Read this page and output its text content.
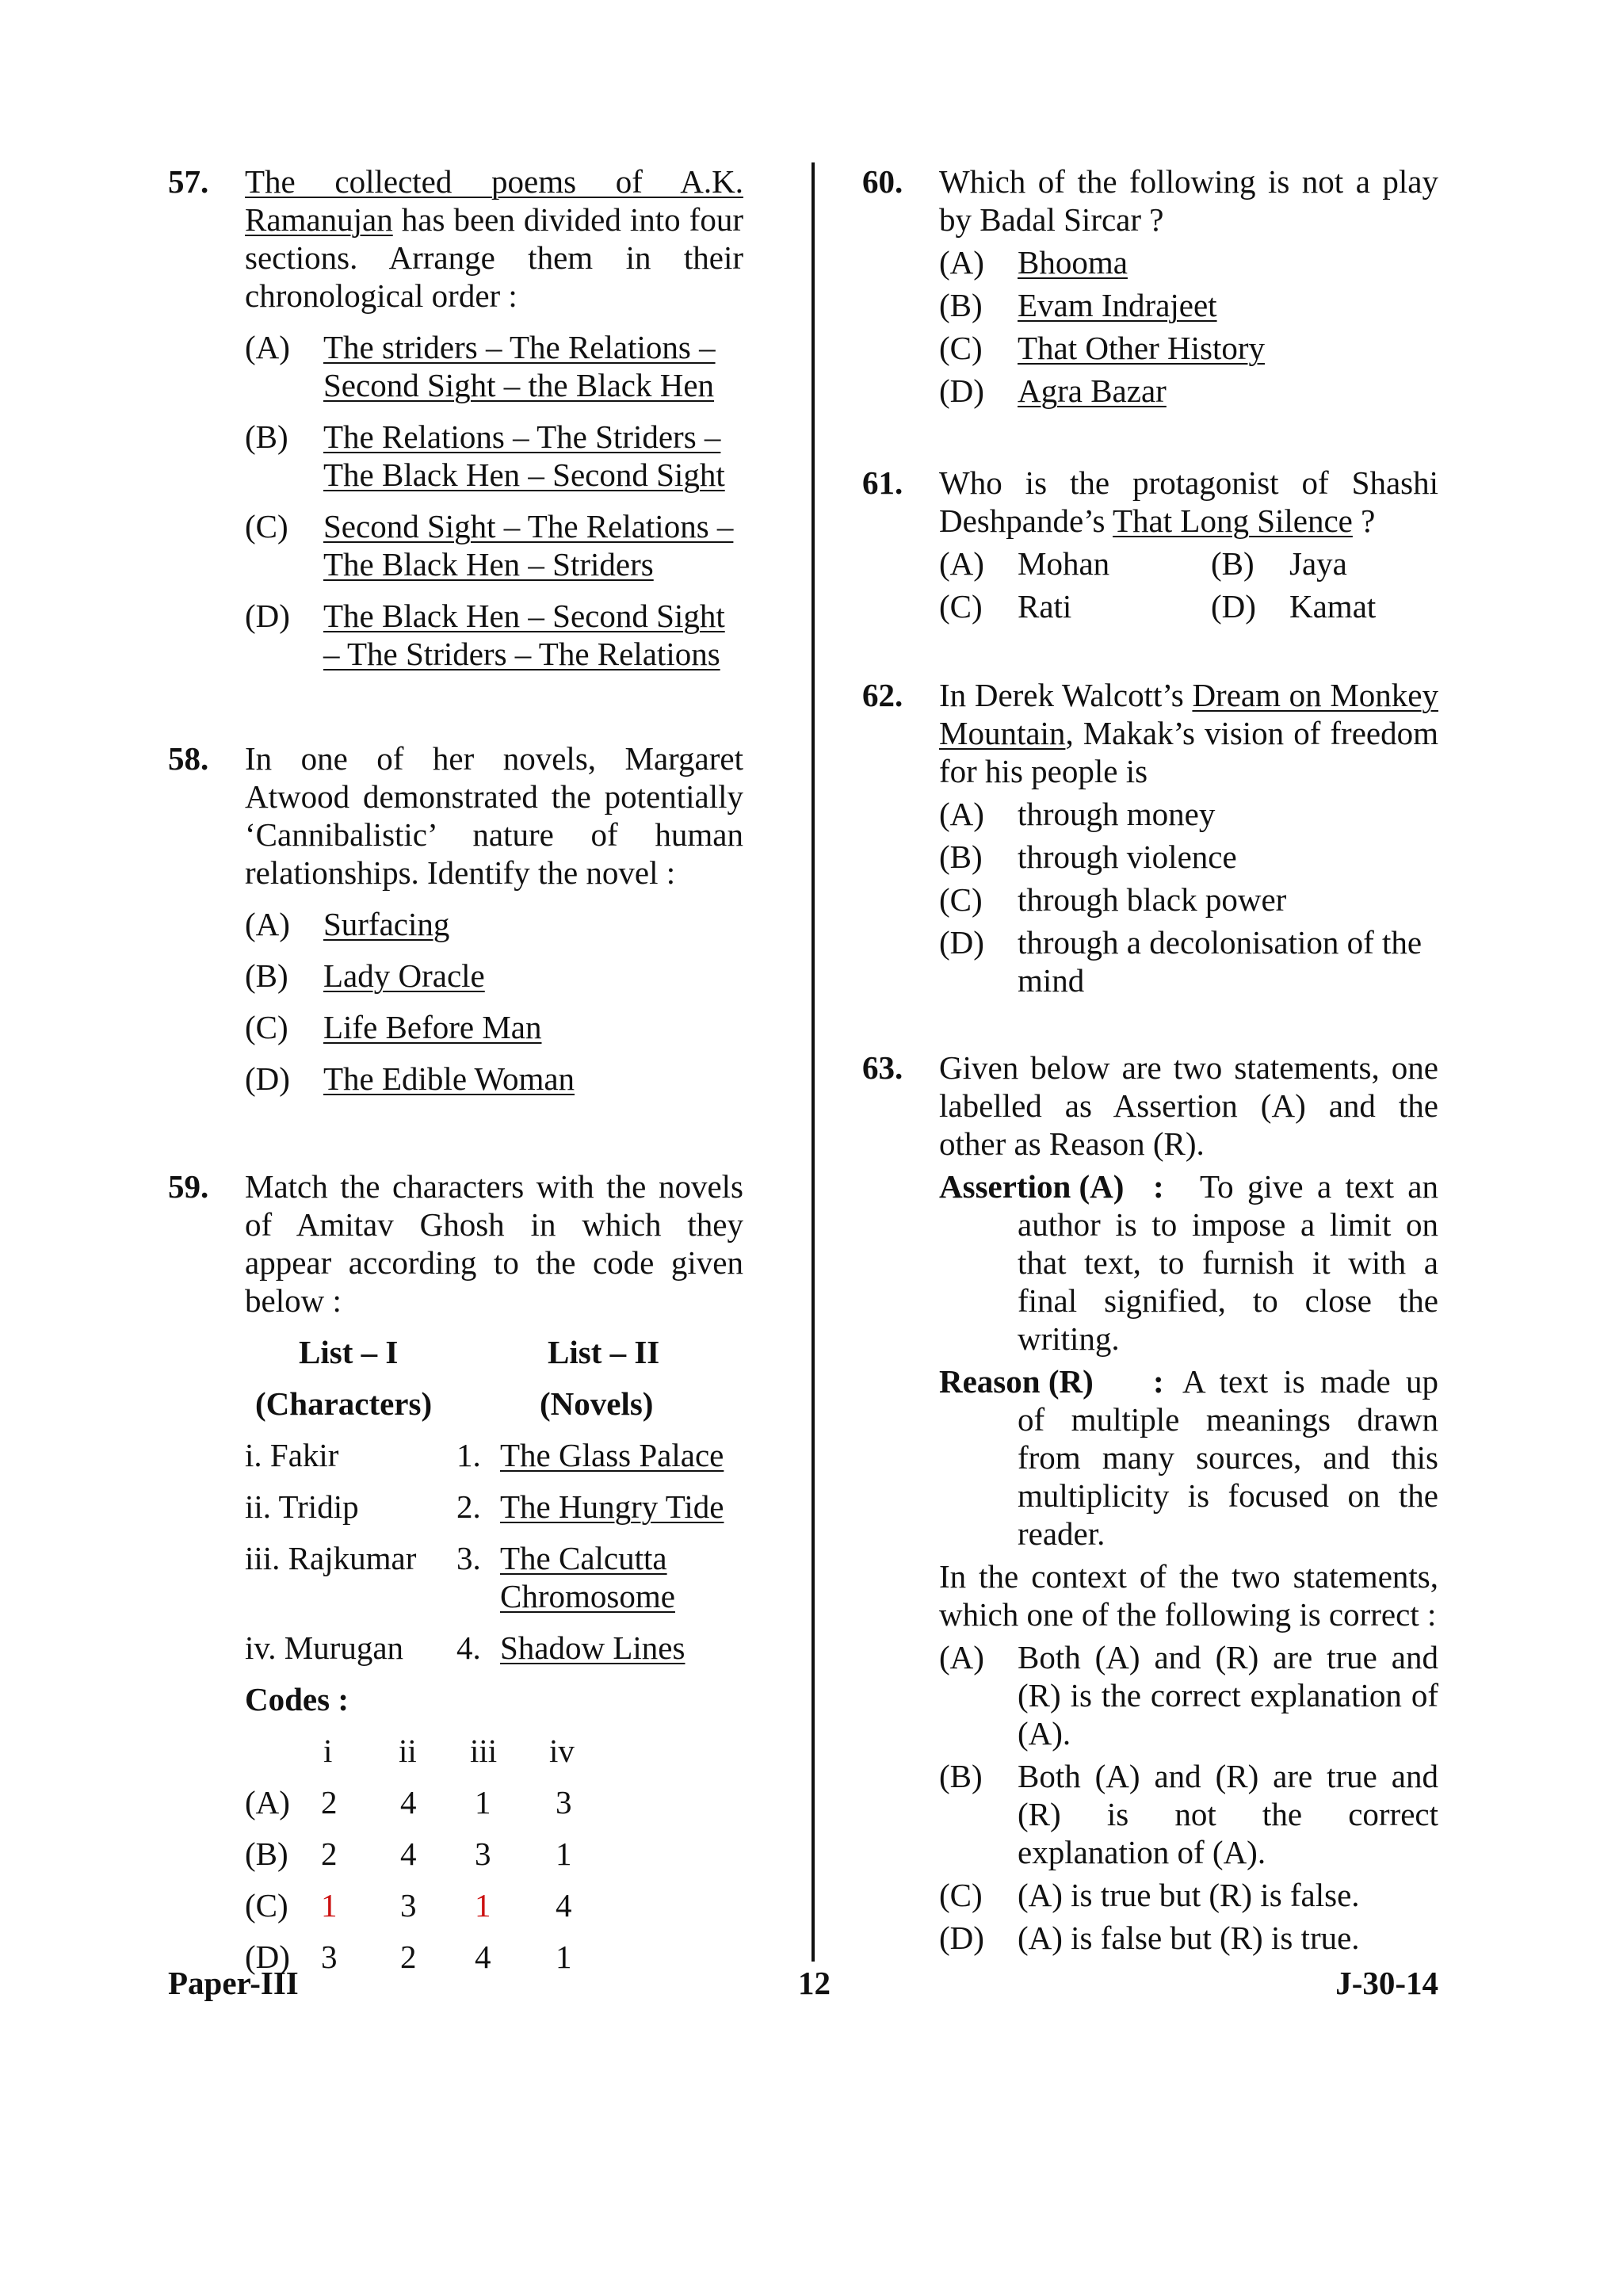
57. The collected poems of A.K. Ramanujan has been divided into four sections. Arrange them in their chronological order :
(A) The striders – The Relations –
Second Sight – the Black Hen
(B) The Relations – The Striders –
The Black Hen – Second Sight
(C) Second Sight – The Relations –
The Black Hen – Striders
(D) The Black Hen – Second Sight
– The Striders – The Relations
58. In one of her novels, Margaret Atwood demonstrated the potentially ‘Cannibalistic’ nature of human relationships. Identify the novel :
(A) Surfacing
(B) Lady Oracle
(C) Life Before Man
(D) The Edible Woman
59. Match the characters with the novels of Amitav Ghosh in which they appear according to the code given below :
List – I	List – II
(Characters)	(Novels)
i. Fakir	1. The Glass Palace
ii. Tridip	2. The Hungry Tide
iii. Rajkumar 3. The Calcutta Chromosome
iv. Murugan 4. Shadow Lines
Codes :
i ii iii iv
(A) 2 4 1 3
(B) 2 4 3 1
(C) 1 3 1 4
(D) 3 2 4 1
60. Which of the following is not a play by Badal Sircar ?
(A) Bhooma
(B) Evam Indrajeet
(C) That Other History
(D) Agra Bazar
61. Who is the protagonist of Shashi Deshpande’s That Long Silence ?
(A) Mohan	(B) Jaya
(C) Rati	(D) Kamat
62. In Derek Walcott’s Dream on Monkey Mountain, Makak’s vision of freedom for his people is
(A) through money
(B) through violence
(C) through black power
(D) through a decolonisation of the mind
63. Given below are two statements, one labelled as Assertion (A) and the other as Reason (R).
Assertion (A)	To give a text an author is to impose a limit on that text, to furnish it with a final signified, to close the writing.
:
Reason (R)	A text is made up of multiple meanings drawn from many sources, and this multiplicity is focused on the reader.
:
In the context of the two statements, which one of the following is correct :
(A) Both (A) and (R) are true and (R) is the correct explanation of (A).
(B) Both (A) and (R) are true and (R) is not the correct explanation of (A).
(C) (A) is true but (R) is false.
(D) (A) is false but (R) is true.
Paper-III	12	J-30-14
